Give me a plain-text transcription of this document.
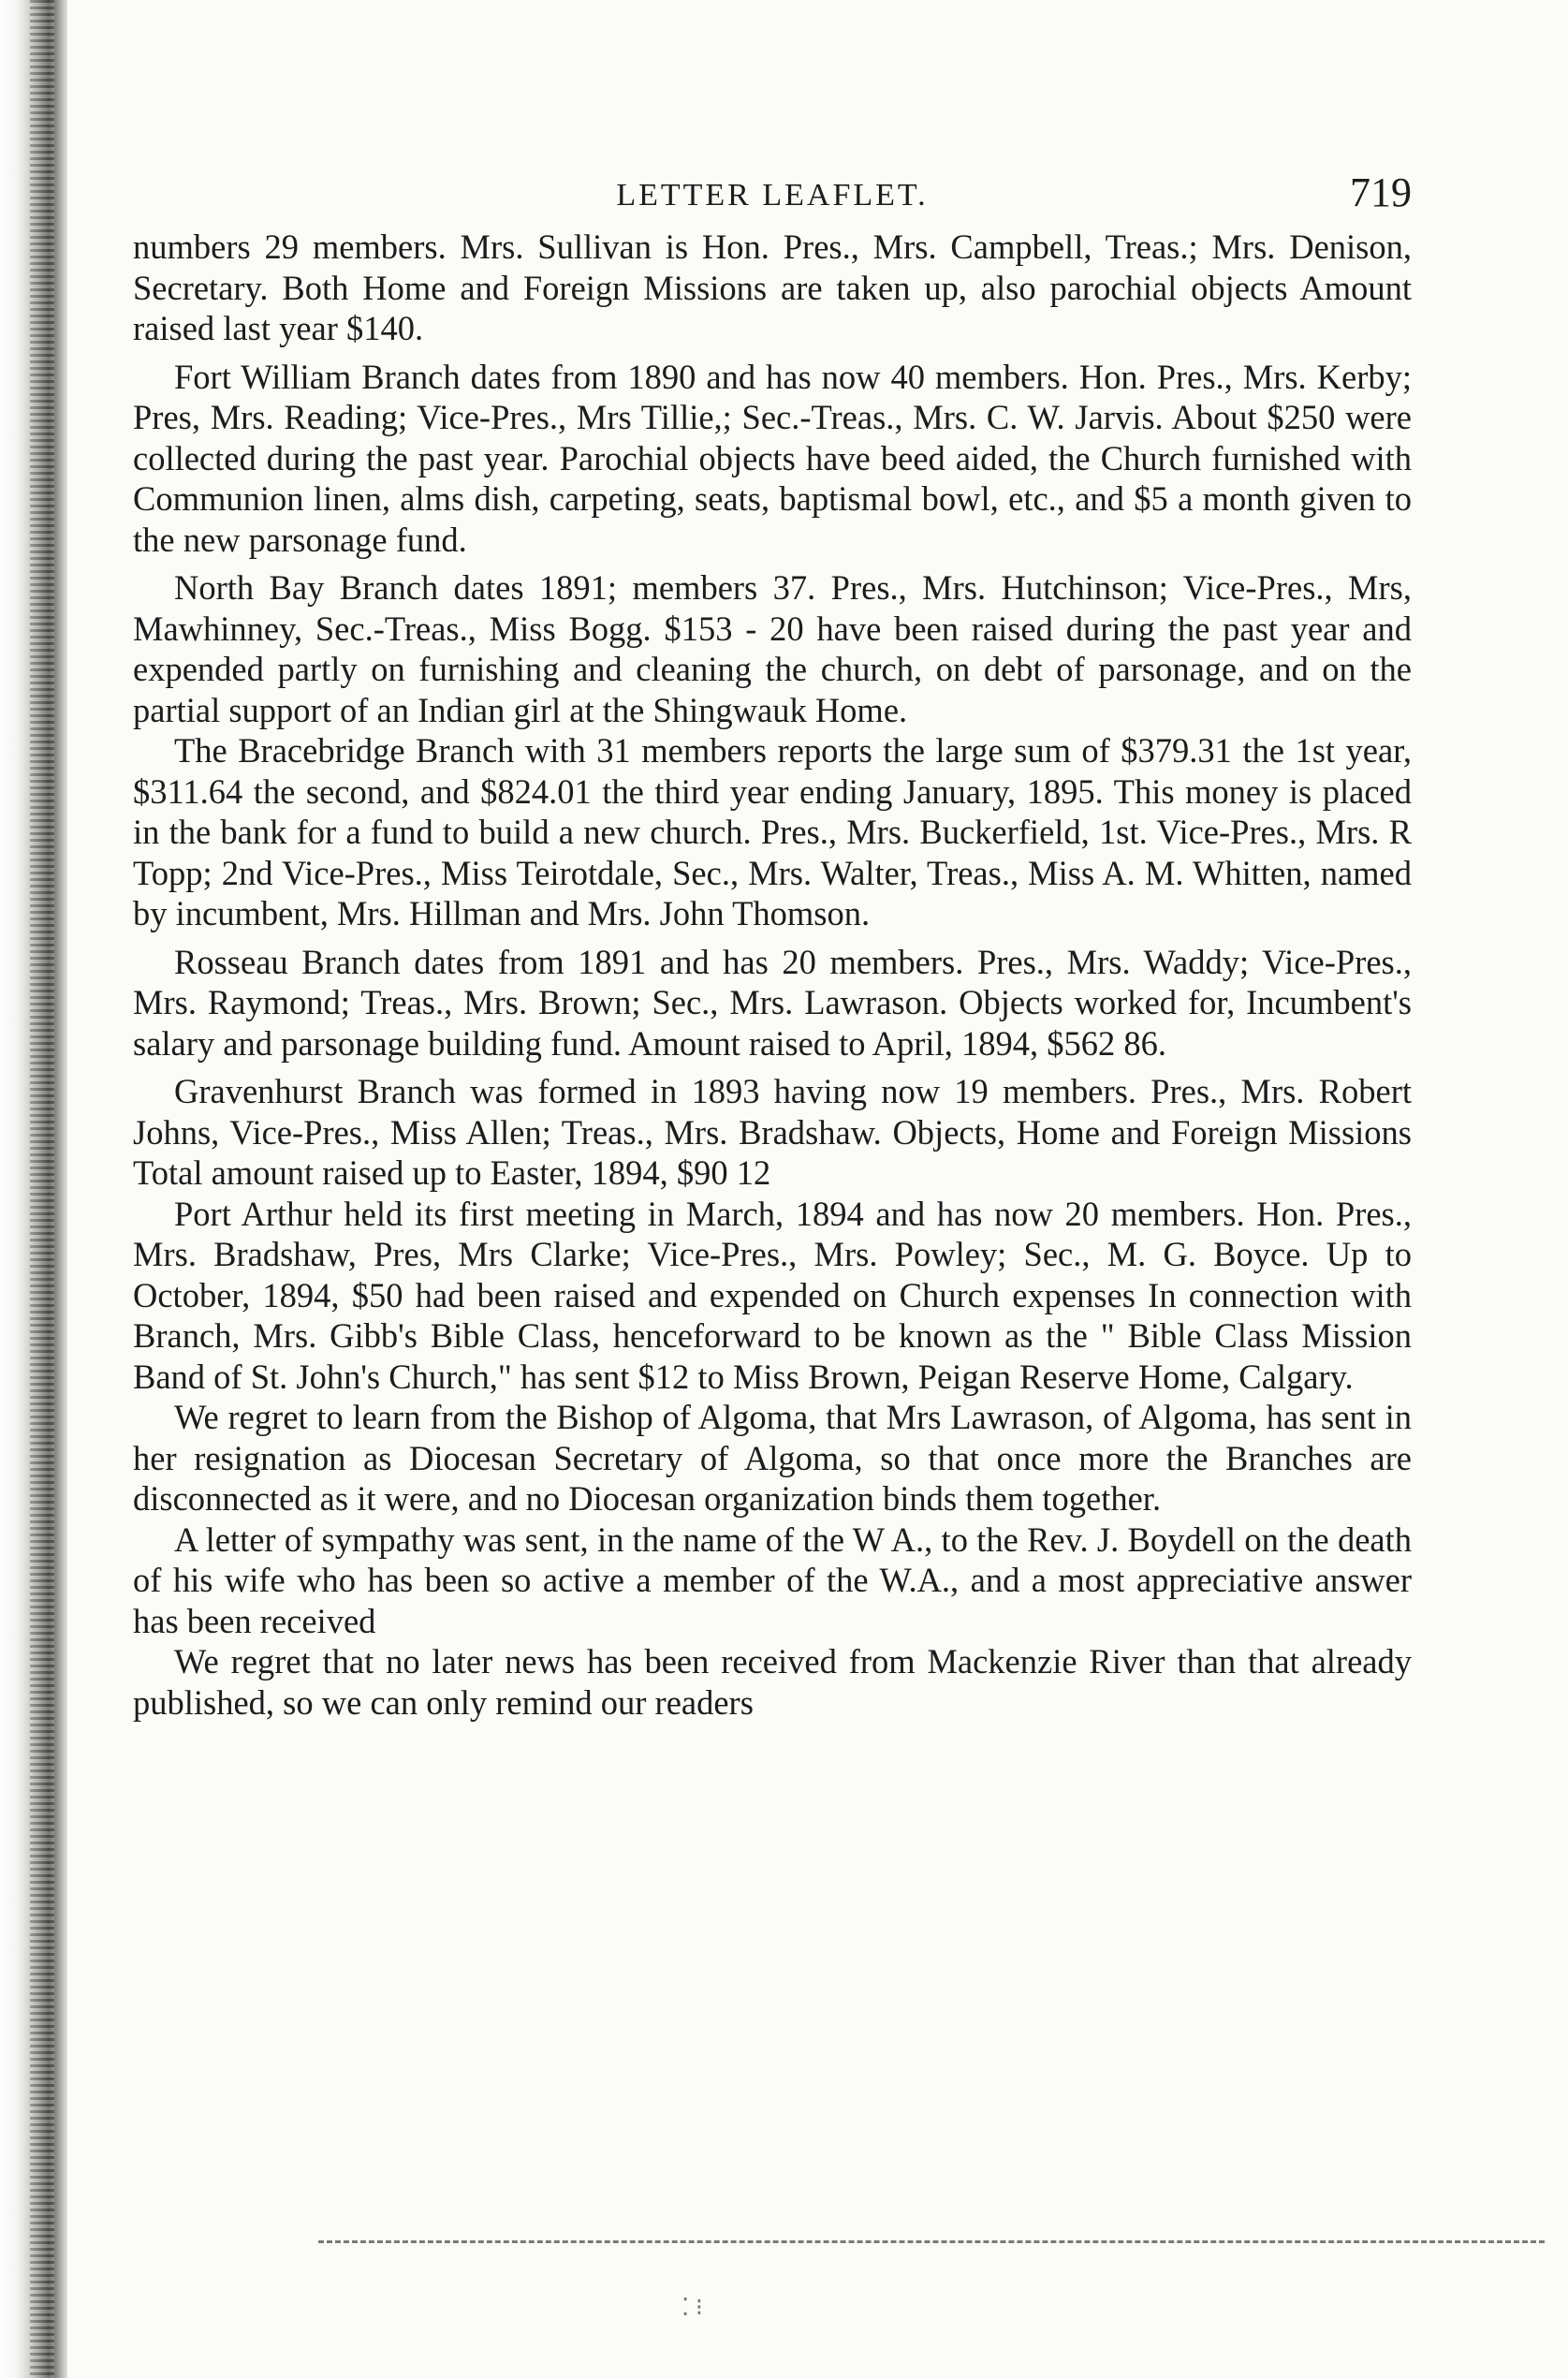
LETTER LEAFLET.	719

numbers 29 members. Mrs. Sullivan is Hon. Pres., Mrs. Campbell, Treas.; Mrs. Denison, Secretary. Both Home and Foreign Missions are taken up, also parochial objects Amount raised last year $140.

Fort William Branch dates from 1890 and has now 40 members. Hon. Pres., Mrs. Kerby; Pres, Mrs. Reading; Vice-Pres., Mrs Tillie,; Sec.-Treas., Mrs. C. W. Jarvis. About $250 were collected during the past year. Parochial objects have beed aided, the Church furnished with Communion linen, alms dish, carpeting, seats, baptismal bowl, etc., and $5 a month given to the new parsonage fund.

North Bay Branch dates 1891; members 37. Pres., Mrs. Hutchinson; Vice-Pres., Mrs, Mawhinney, Sec.-Treas., Miss Bogg. $153 - 20 have been raised during the past year and expended partly on furnishing and cleaning the church, on debt of parsonage, and on the partial support of an Indian girl at the Shingwauk Home.

The Bracebridge Branch with 31 members reports the large sum of $379.31 the 1st year, $311.64 the second, and $824.01 the third year ending January, 1895. This money is placed in the bank for a fund to build a new church. Pres., Mrs. Buckerfield, 1st. Vice-Pres., Mrs. R Topp; 2nd Vice-Pres., Miss Teirotdale, Sec., Mrs. Walter, Treas., Miss A. M. Whitten, named by incumbent, Mrs. Hillman and Mrs. John Thomson.

Rosseau Branch dates from 1891 and has 20 members. Pres., Mrs. Waddy; Vice-Pres., Mrs. Raymond; Treas., Mrs. Brown; Sec., Mrs. Lawrason. Objects worked for, Incumbent's salary and parsonage building fund. Amount raised to April, 1894, $562 86.

Gravenhurst Branch was formed in 1893 having now 19 members. Pres., Mrs. Robert Johns, Vice-Pres., Miss Allen; Treas., Mrs. Bradshaw. Objects, Home and Foreign Missions Total amount raised up to Easter, 1894, $90 12

Port Arthur held its first meeting in March, 1894 and has now 20 members. Hon. Pres., Mrs. Bradshaw, Pres, Mrs Clarke; Vice-Pres., Mrs. Powley; Sec., M. G. Boyce. Up to October, 1894, $50 had been raised and expended on Church expenses In connection with Branch, Mrs. Gibb's Bible Class, henceforward to be known as the " Bible Class Mission Band of St. John's Church," has sent $12 to Miss Brown, Peigan Reserve Home, Calgary.

We regret to learn from the Bishop of Algoma, that Mrs Lawrason, of Algoma, has sent in her resignation as Diocesan Secretary of Algoma, so that once more the Branches are disconnected as it were, and no Diocesan organization binds them together.

A letter of sympathy was sent, in the name of the W A., to the Rev. J. Boydell on the death of his wife who has been so active a member of the W.A., and a most appreciative answer has been received

We regret that no later news has been received from Mackenzie River than that already published, so we can only remind our readers

⁚ ⁝
